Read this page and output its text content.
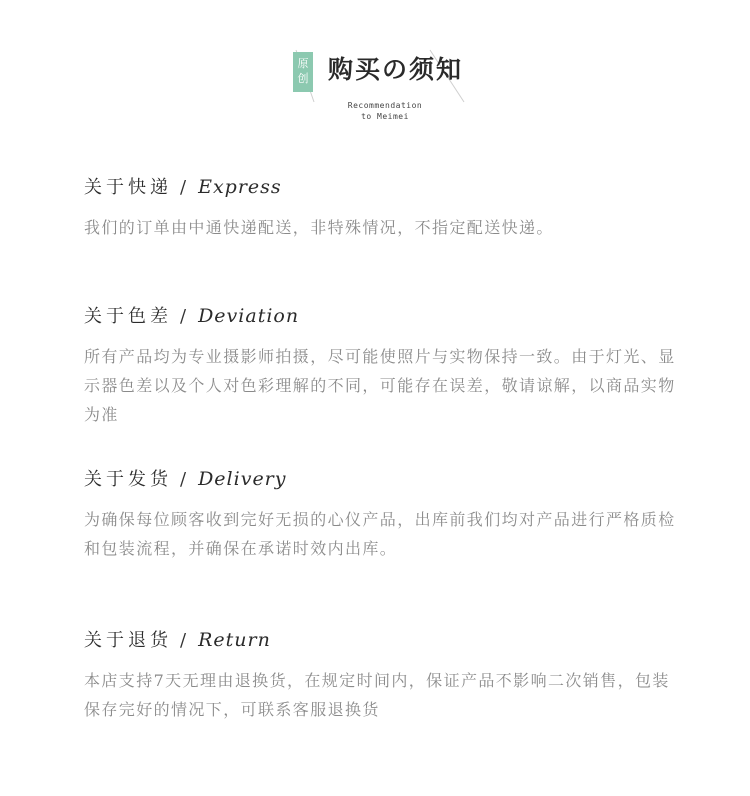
原创 购买の须知
Recommendation
to Meimei
关于快递 / Express
我们的订单由中通快递配送，非特殊情况，不指定配送快递。
关于色差 / Deviation
所有产品均为专业摄影师拍摄，尽可能使照片与实物保持一致。由于灯光、显示器色差以及个人对色彩理解的不同，可能存在误差，敬请谅解，以商品实物为准
关于发货 / Delivery
为确保每位顾客收到完好无损的心仪产品，出库前我们均对产品进行严格质检和包装流程，并确保在承诺时效内出库。
关于退货 / Return
本店支持7天无理由退换货，在规定时间内，保证产品不影响二次销售，包装保存完好的情况下，可联系客服退换货
